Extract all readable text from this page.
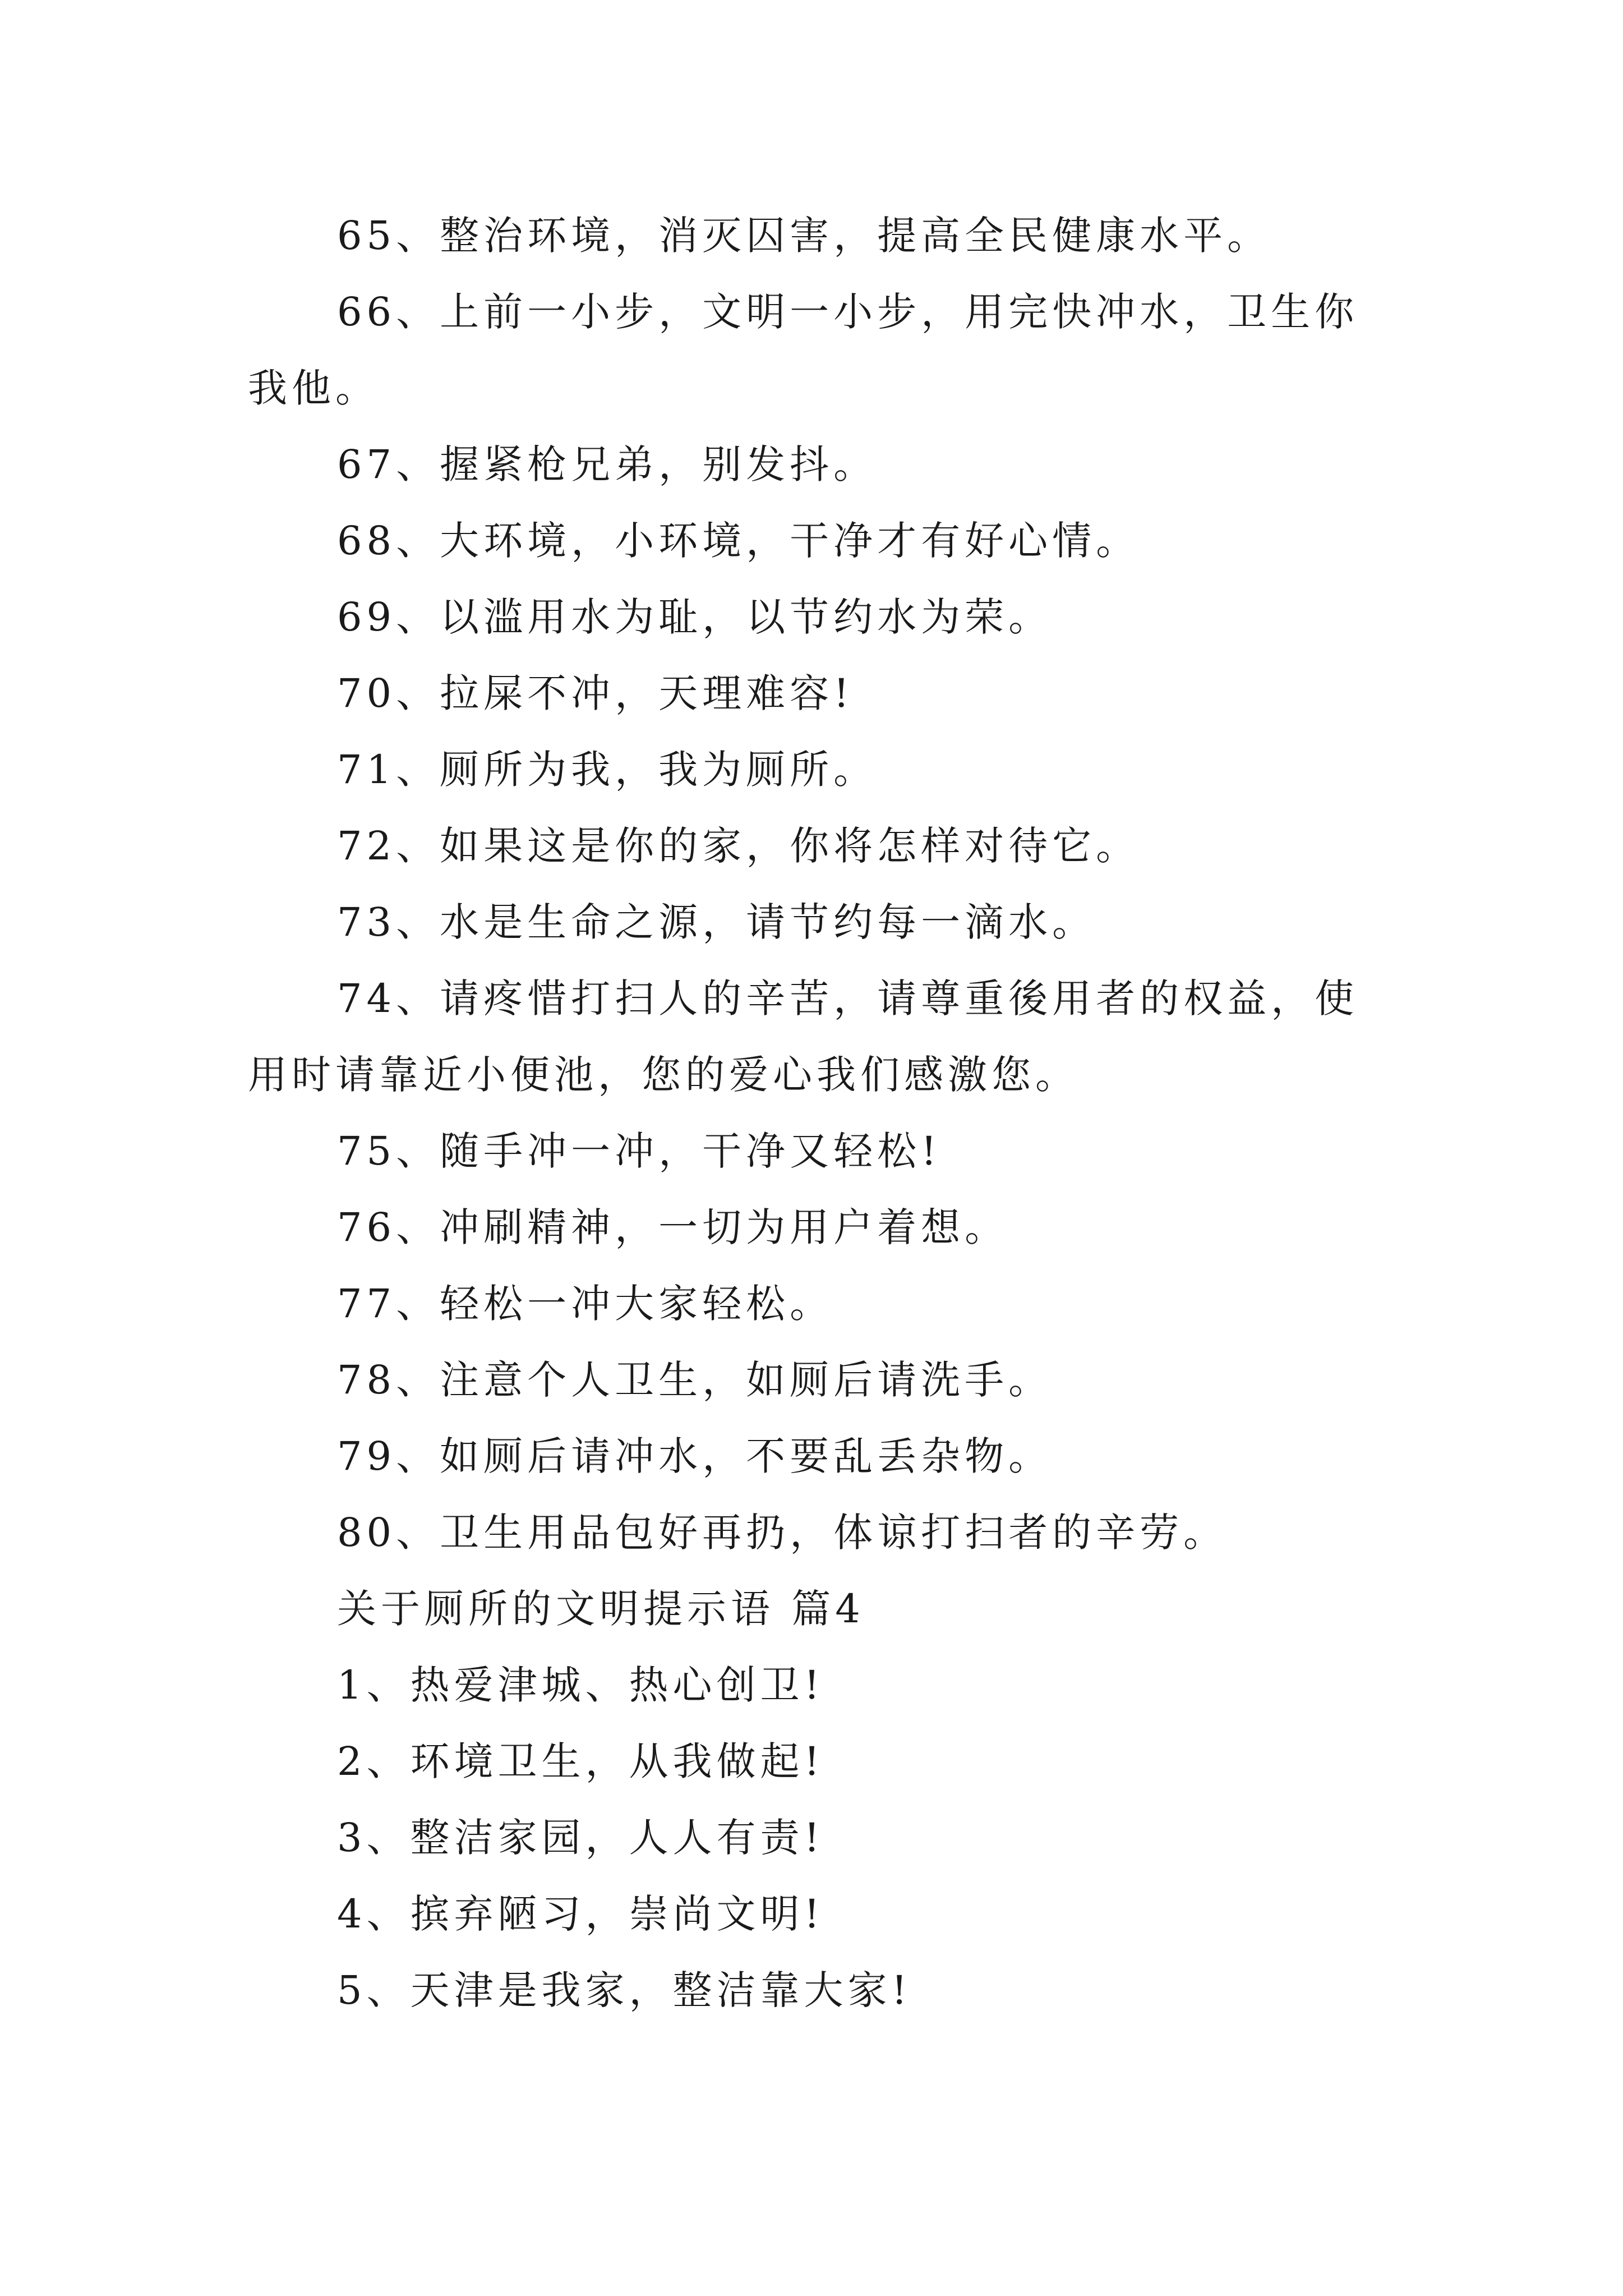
65、整治环境，消灭囚害，提高全民健康水平。

66、上前一小步，文明一小步，用完快冲水，卫生你我他。

67、握紧枪兄弟，别发抖。

68、大环境，小环境，干净才有好心情。

69、以滥用水为耻，以节约水为荣。

70、拉屎不冲，天理难容!

71、厕所为我，我为厕所。

72、如果这是你的家，你将怎样对待它。

73、水是生命之源，请节约每一滴水。

74、请疼惜打扫人的辛苦，请尊重後用者的权益，使用时请靠近小便池，您的爱心我们感激您。

75、随手冲一冲，干净又轻松!

76、冲刷精神，一切为用户着想。

77、轻松一冲大家轻松。

78、注意个人卫生，如厕后请洗手。

79、如厕后请冲水，不要乱丢杂物。

80、卫生用品包好再扔，体谅打扫者的辛劳。

关于厕所的文明提示语 篇4

1、热爱津城、热心创卫!

2、环境卫生，从我做起!

3、整洁家园，人人有责!

4、摈弃陋习，崇尚文明!

5、天津是我家，整洁靠大家!
